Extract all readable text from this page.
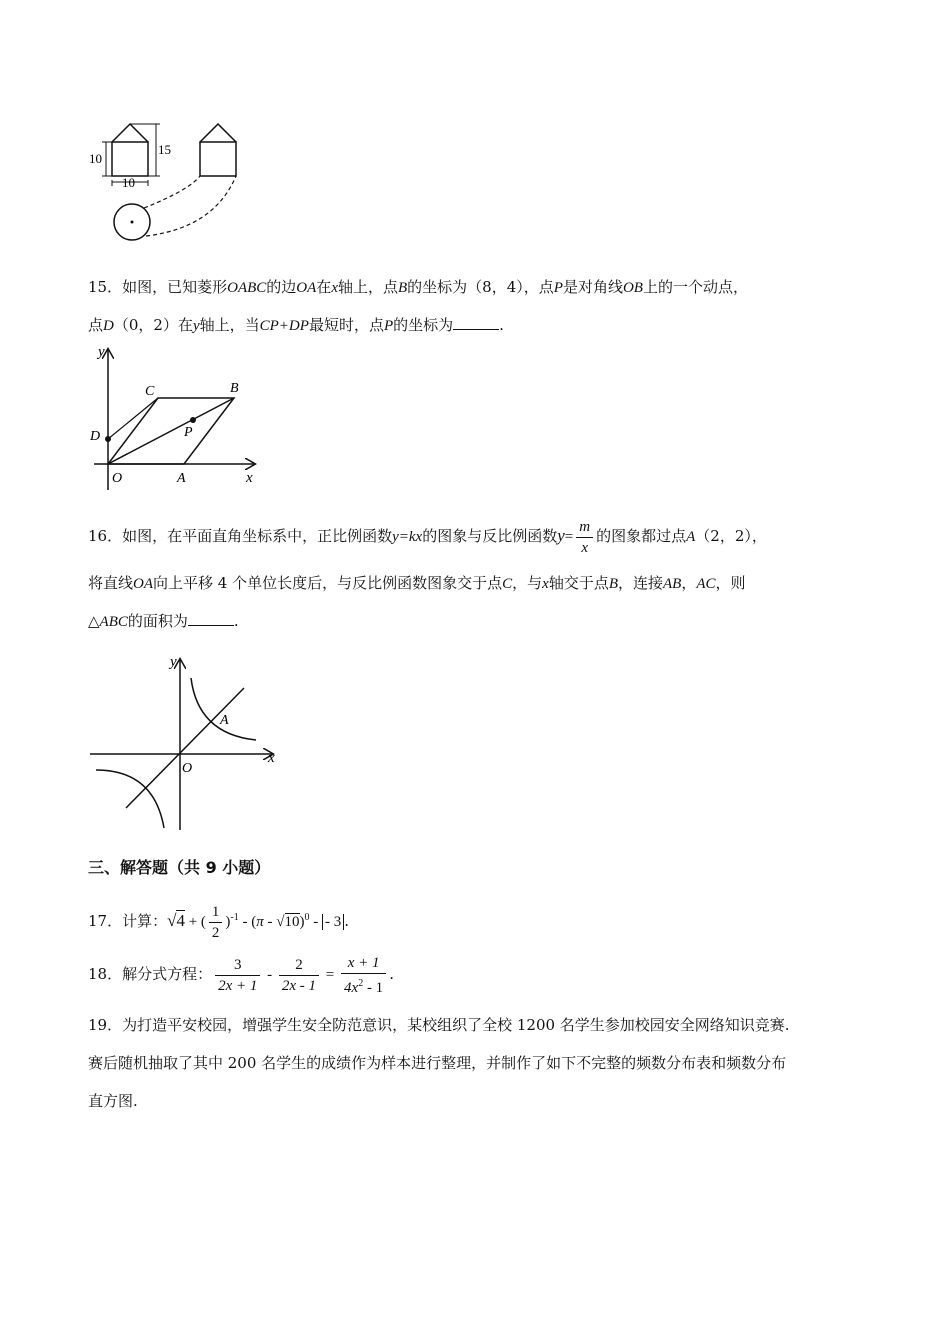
10
15
10
15．如图，已知菱形OABC的边OA在x轴上，点B的坐标为（8，4），点P是对角线OB上的一个动点，
点D（0，2）在y轴上，当CP+DP最短时，点P的坐标为	.
y
x
O	A
B
C
D	P
16．如图，在平面直角坐标系中，正比例函数y=kx的图象与反比例函数$y= \frac{m}{x}$ 的图象都过点A（2，2），
将直线OA向上平移 4 个单位长度后，与反比例函数图象交于点C，与x轴交于点B，连接AB，AC，则
△ABC的面积为	.
y
x
O
A
三、解答题（共 9 小题）
17．计算：√4 + ( $\frac{1}{2} )^{-1} - (\pi - √10)^0$ - - 3 .
18．解分式方程： $\frac{3}{2x + 1} - \frac{2}{2x - 1} = \frac{x + 1}{4x^2 - 1}$ .
19．为打造平安校园，增强学生安全防范意识，某校组织了全校 1200 名学生参加校园安全网络知识竞赛.
赛后随机抽取了其中 200 名学生的成绩作为样本进行整理，并制作了如下不完整的频数分布表和频数分布
直方图.
